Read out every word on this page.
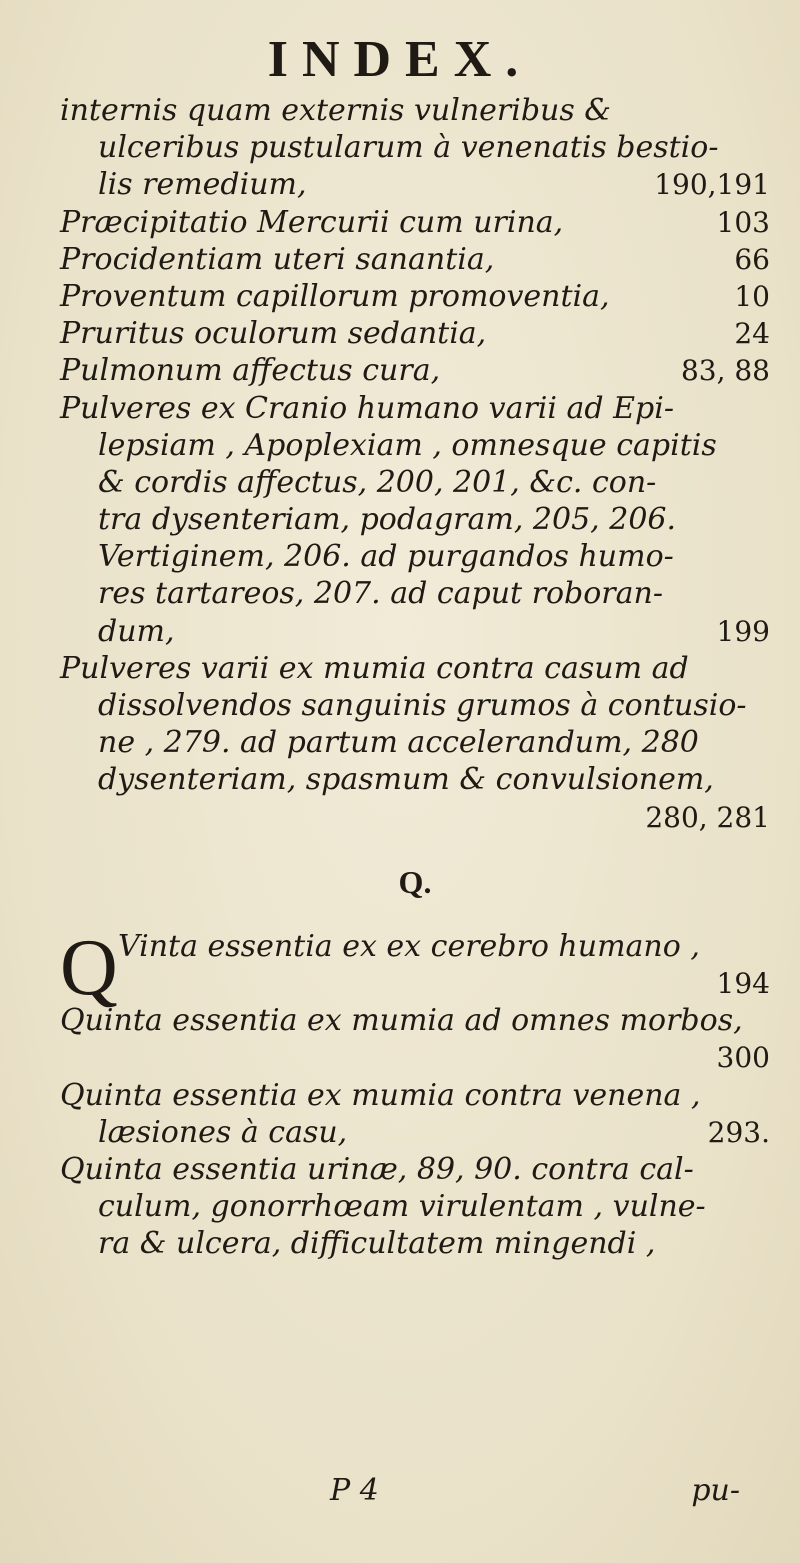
INDEX.
internis quam externis vulneribus &
ulceribus pustularum à venenatis bestio-
lis remedium,	190,191
Præcipitatio Mercurii cum urina,	103
Procidentiam uteri sanantia,	66
Proventum capillorum promoventia,	10
Pruritus oculorum sedantia,	24
Pulmonum affectus cura,	83, 88
Pulveres ex Cranio humano varii ad Epi-
lepsiam , Apoplexiam , omnesque capitis
& cordis affectus, 200, 201, &c. con-
tra dysenteriam, podagram, 205, 206.
Vertiginem, 206. ad purgandos humo-
res tartareos, 207. ad caput roboran-
dum,	199
Pulveres varii ex mumia contra casum ad
dissolvendos sanguinis grumos à contusio-
ne , 279. ad partum accelerandum, 280
dysenteriam, spasmum & convulsionem,
280, 281
Q.
Q Vinta essentia ex ex cerebro humano ,
194
Quinta essentia ex mumia ad omnes morbos,
300
Quinta essentia ex mumia contra venena ,
læsiones à casu,	293.
Quinta essentia urinæ, 89, 90. contra cal-
culum, gonorrhœam virulentam , vulne-
ra & ulcera, difficultatem mingendi ,
P 4	pu-
